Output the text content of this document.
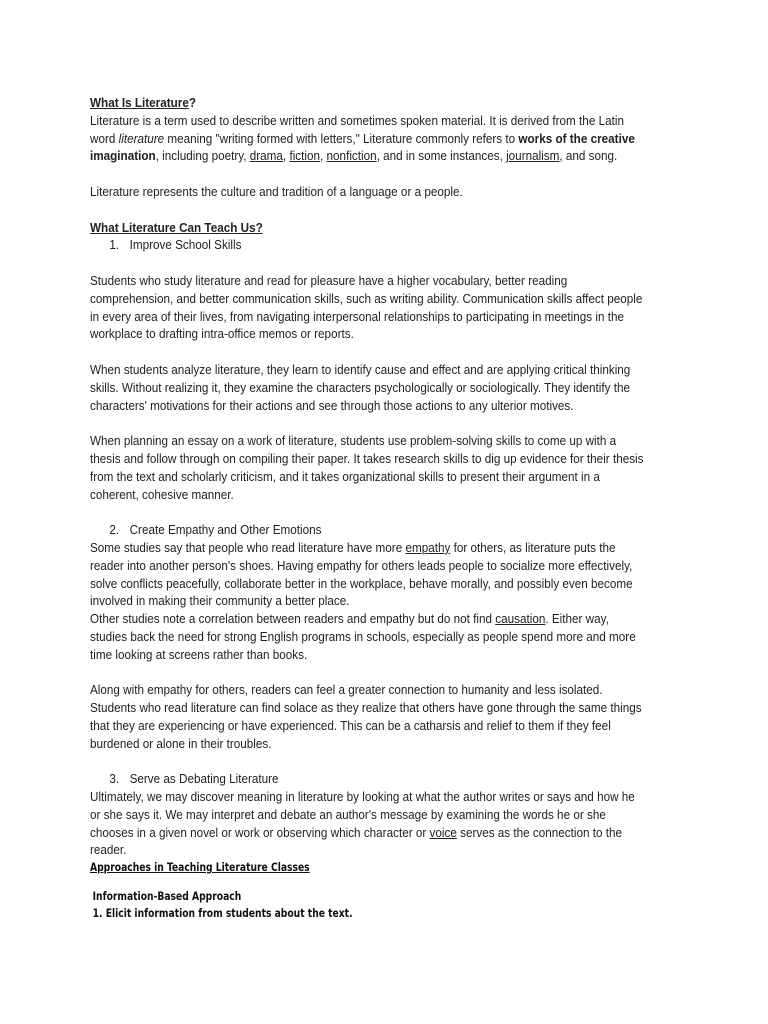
What Is Literature?

Literature is a term used to describe written and sometimes spoken material. It is derived from the Latin

word literature meaning "writing formed with letters," Literature commonly refers to works of the creative

imagination, including poetry, drama, fiction, nonfiction, and in some instances, journalism, and song.

Literature represents the culture and tradition of a language or a people.

What Literature Can Teach Us?

1. Improve School Skills

Students who study literature and read for pleasure have a higher vocabulary, better reading

comprehension, and better communication skills, such as writing ability. Communication skills affect people

in every area of their lives, from navigating interpersonal relationships to participating in meetings in the

workplace to drafting intra-office memos or reports.

When students analyze literature, they learn to identify cause and effect and are applying critical thinking

skills. Without realizing it, they examine the characters psychologically or sociologically. They identify the

characters' motivations for their actions and see through those actions to any ulterior motives.

When planning an essay on a work of literature, students use problem-solving skills to come up with a

thesis and follow through on compiling their paper. It takes research skills to dig up evidence for their thesis

from the text and scholarly criticism, and it takes organizational skills to present their argument in a

coherent, cohesive manner.

2. Create Empathy and Other Emotions

Some studies say that people who read literature have more empathy for others, as literature puts the

reader into another person's shoes. Having empathy for others leads people to socialize more effectively,

solve conflicts peacefully, collaborate better in the workplace, behave morally, and possibly even become

involved in making their community a better place.

Other studies note a correlation between readers and empathy but do not find causation. Either way,

studies back the need for strong English programs in schools, especially as people spend more and more

time looking at screens rather than books.

Along with empathy for others, readers can feel a greater connection to humanity and less isolated.

Students who read literature can find solace as they realize that others have gone through the same things

that they are experiencing or have experienced. This can be a catharsis and relief to them if they feel

burdened or alone in their troubles.

3. Serve as Debating Literature

Ultimately, we may discover meaning in literature by looking at what the author writes or says and how he

or she says it. We may interpret and debate an author's message by examining the words he or she

chooses in a given novel or work or observing which character or voice serves as the connection to the

reader.

Approaches in Teaching Literature Classes

Information-Based Approach

1. Elicit information from students about the text.
